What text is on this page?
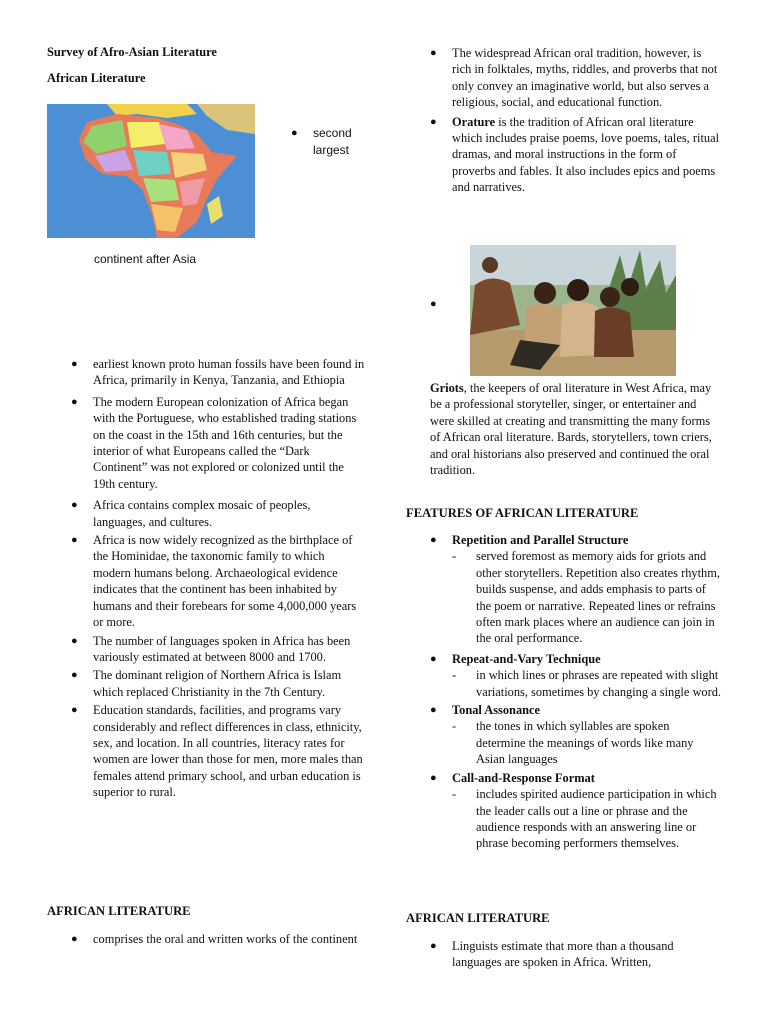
Survey of Afro-Asian Literature
African Literature
● second largest
continent after Asia
● earliest known proto human fossils have been found in Africa, primarily in Kenya, Tanzania, and Ethiopia
● The modern European colonization of Africa began with the Portuguese, who established trading stations on the coast in the 15th and 16th centuries, but the interior of what Europeans called the “Dark Continent” was not explored or colonized until the 19th century.
● Africa contains complex mosaic of peoples, languages, and cultures.
● Africa is now widely recognized as the birthplace of the Hominidae, the taxonomic family to which modern humans belong. Archaeological evidence indicates that the continent has been inhabited by humans and their forebears for some 4,000,000 years or more.
● The number of languages spoken in Africa has been variously estimated at between 8000 and 1700.
● The dominant religion of Northern Africa is Islam which replaced Christianity in the 7th Century.
● Education standards, facilities, and programs vary considerably and reflect differences in class, ethnicity, sex, and location. In all countries, literacy rates for women are lower than those for men, more males than females attend primary school, and urban education is superior to rural.
AFRICAN LITERATURE
● comprises the oral and written works of the continent
● The widespread African oral tradition, however, is rich in folktales, myths, riddles, and proverbs that not only convey an imaginative world, but also serves a religious, social, and educational function.
● Orature is the tradition of African oral literature which includes praise poems, love poems, tales, ritual dramas, and moral instructions in the form of proverbs and fables. It also includes epics and poems and narratives.
●
Griots, the keepers of oral literature in West Africa, may be a professional storyteller, singer, or entertainer and were skilled at creating and transmitting the many forms of African oral literature. Bards, storytellers, town criers, and oral historians also preserved and continued the oral tradition.
FEATURES OF AFRICAN LITERATURE
● Repetition and Parallel Structure
- served foremost as memory aids for griots and other storytellers. Repetition also creates rhythm, builds suspense, and adds emphasis to parts of the poem or narrative. Repeated lines or refrains often mark places where an audience can join in the oral performance.
● Repeat-and-Vary Technique
- in which lines or phrases are repeated with slight variations, sometimes by changing a single word.
● Tonal Assonance
- the tones in which syllables are spoken determine the meanings of words like many Asian languages
● Call-and-Response Format
- includes spirited audience participation in which the leader calls out a line or phrase and the audience responds with an answering line or phrase becoming performers themselves.
AFRICAN LITERATURE
● Linguists estimate that more than a thousand languages are spoken in Africa. Written,
